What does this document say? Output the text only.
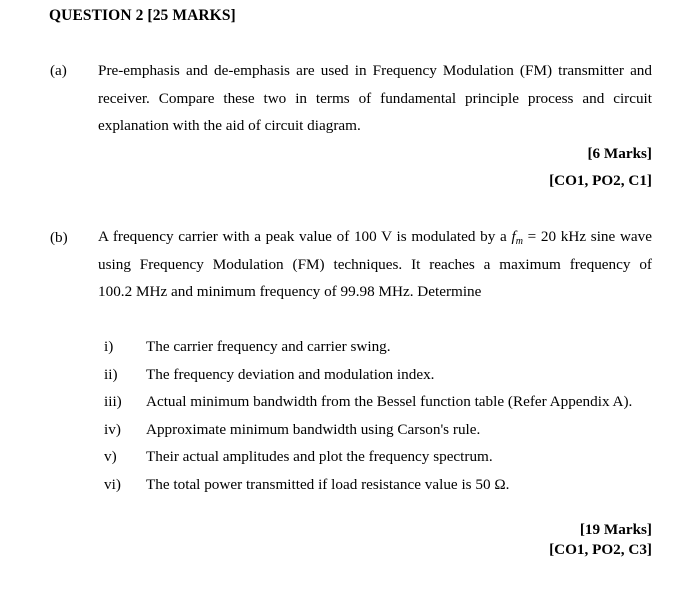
QUESTION 2 [25 MARKS]
(a) Pre-emphasis and de-emphasis are used in Frequency Modulation (FM) transmitter and
receiver. Compare these two in terms of fundamental principle process and circuit
explanation with the aid of circuit diagram.
[6 Marks]
[CO1, PO2, C1]
(b) A frequency carrier with a peak value of 100 V is modulated by a $f_m = 20$ kHz sine wave
using Frequency Modulation (FM) techniques. It reaches a maximum frequency of
100.2 MHz and minimum frequency of 99.98 MHz. Determine
i)	The carrier frequency and carrier swing.
ii)	The frequency deviation and modulation index.
iii)	Actual minimum bandwidth from the Bessel function table (Refer Appendix A).
iv)	Approximate minimum bandwidth using Carson's rule.
v)	Their actual amplitudes and plot the frequency spectrum.
vi)	The total power transmitted if load resistance value is 50 Ω.
[19 Marks]
[CO1, PO2, C3]
